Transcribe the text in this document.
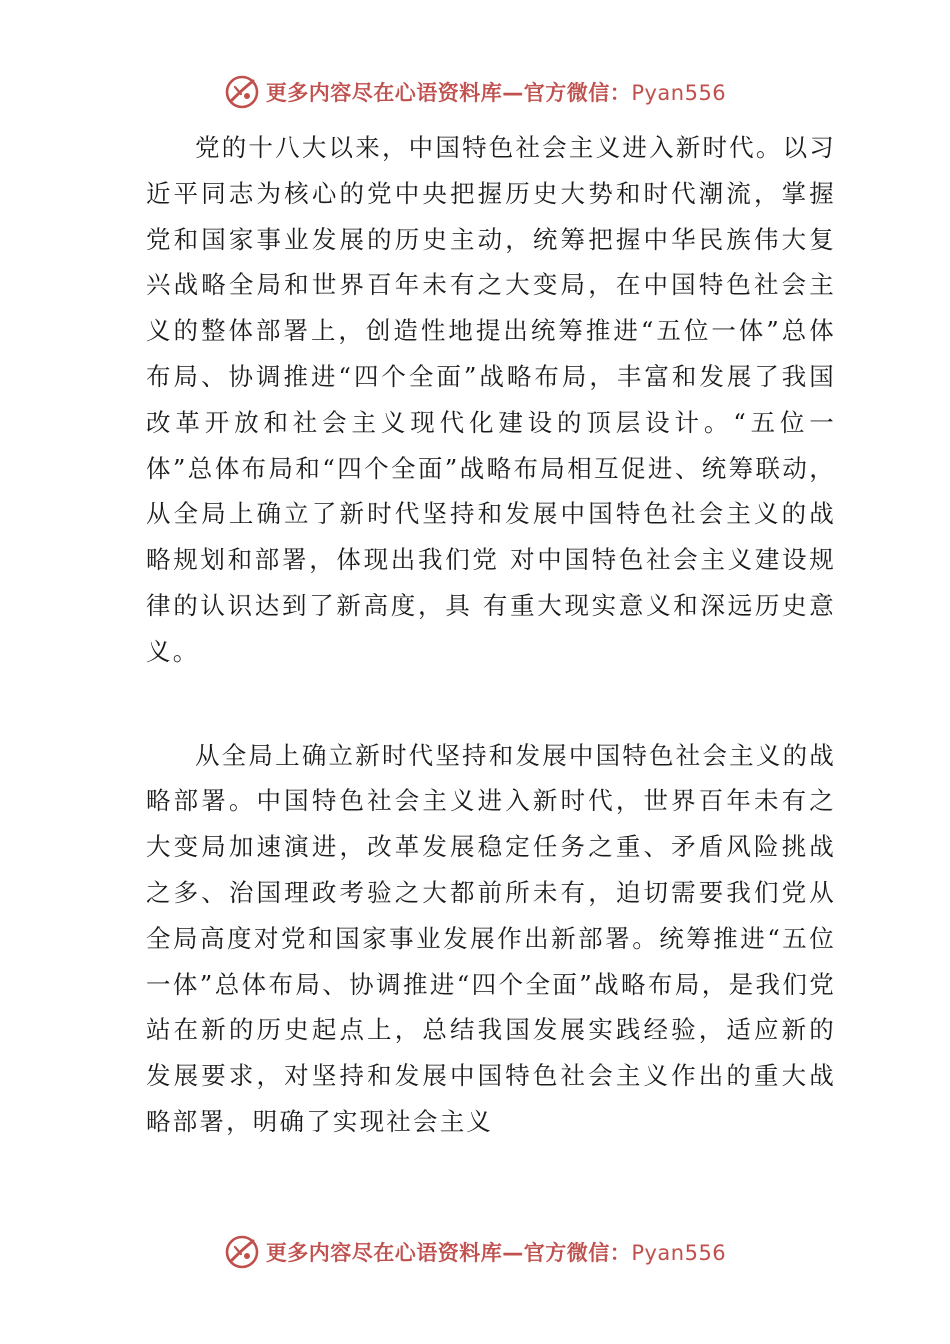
更多内容尽在心语资料库—官方微信：Pyan556

党的十八大以来，中国特色社会主义进入新时代。以习近平同志为核心的党中央把握历史大势和时代潮流，掌握党和国家事业发展的历史主动，统筹把握中华民族伟大复兴战略全局和世界百年未有之大变局，在中国特色社会主义的整体部署上，创造性地提出统筹推进“五位一体”总体布局、协调推进“四个全面”战略布局，丰富和发展了我国改革开放和社会主义现代化建设的顶层设计。“五位一体”总体布局和“四个全面”战略布局相互促进、统筹联动，从全局上确立了新时代坚持和发展中国特色社会主义的战略规划和部署，体现出我们党 对中国特色社会主义建设规律的认识达到了新高度，具 有重大现实意义和深远历史意义。

从全局上确立新时代坚持和发展中国特色社会主义的战略部署。中国特色社会主义进入新时代，世界百年未有之大变局加速演进，改革发展稳定任务之重、矛盾风险挑战之多、治国理政考验之大都前所未有，迫切需要我们党从全局高度对党和国家事业发展作出新部署。统筹推进“五位一体”总体布局、协调推进“四个全面”战略布局，是我们党站在新的历史起点上，总结我国发展实践经验，适应新的发展要求，对坚持和发展中国特色社会主义作出的重大战略部署，明确了实现社会主义

更多内容尽在心语资料库—官方微信：Pyan556
